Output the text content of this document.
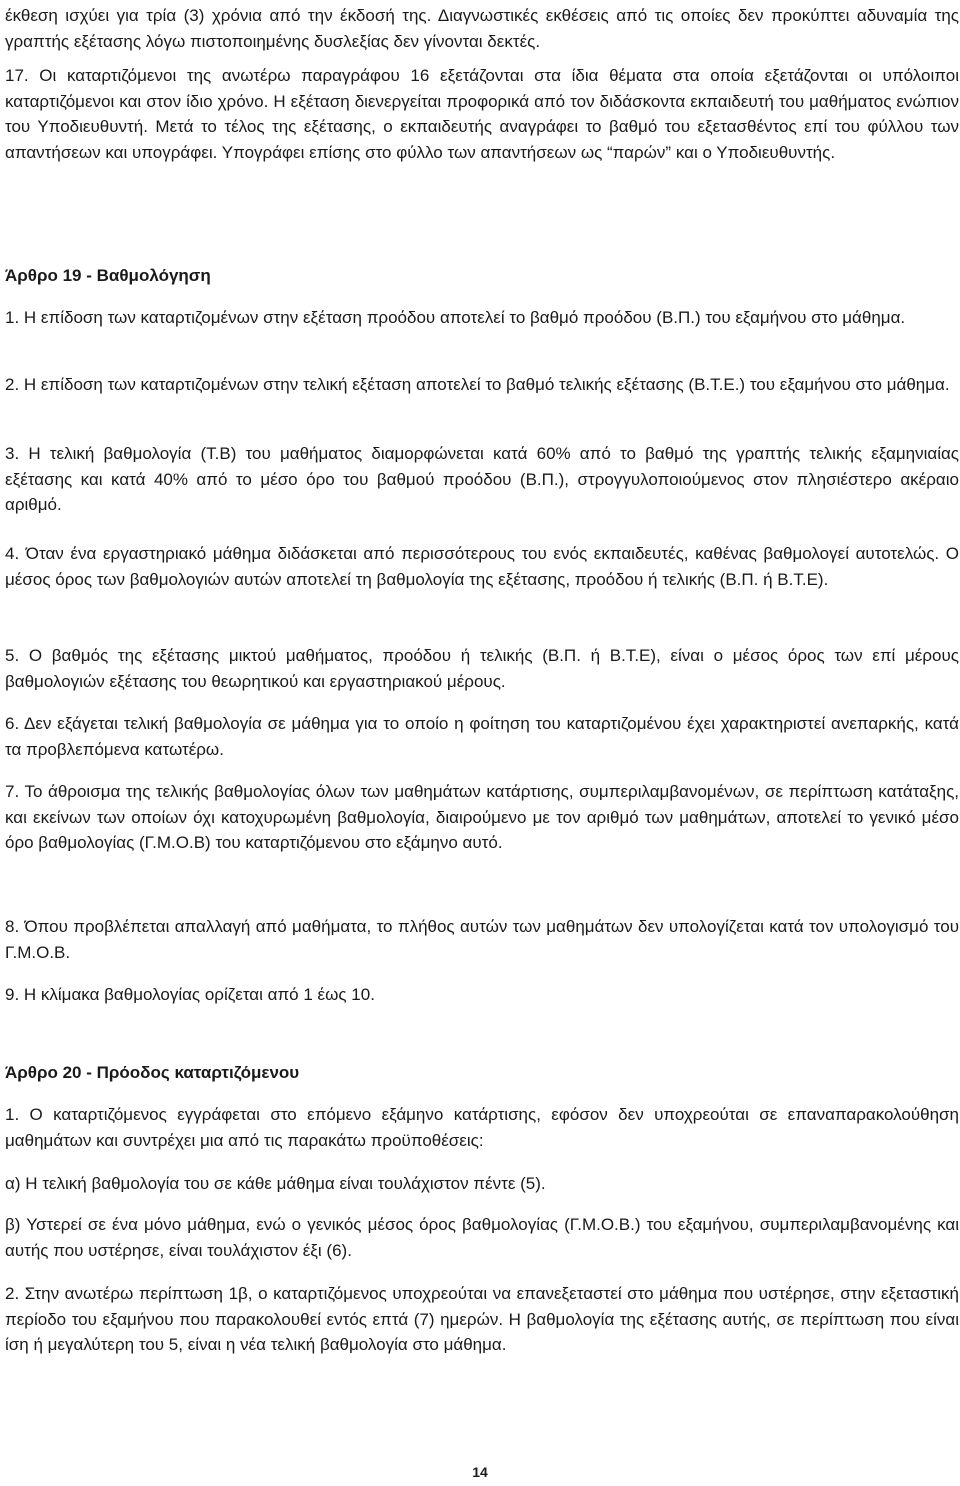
έκθεση ισχύει για τρία (3) χρόνια από την έκδοσή της. Διαγνωστικές εκθέσεις από τις οποίες δεν προκύπτει αδυναμία της γραπτής εξέτασης λόγω πιστοποιημένης δυσλεξίας δεν γίνονται δεκτές.

17. Οι καταρτιζόμενοι της ανωτέρω παραγράφου 16 εξετάζονται στα ίδια θέματα στα οποία εξετάζονται οι υπόλοιποι καταρτιζόμενοι και στον ίδιο χρόνο. Η εξέταση διενεργείται προφορικά από τον διδάσκοντα εκπαιδευτή του μαθήματος ενώπιον του Υποδιευθυντή. Μετά το τέλος της εξέτασης, ο εκπαιδευτής αναγράφει το βαθμό του εξετασθέντος επί του φύλλου των απαντήσεων και υπογράφει. Υπογράφει επίσης στο φύλλο των απαντήσεων ως “παρών” και ο Υποδιευθυντής.

Άρθρο 19 - Βαθμολόγηση

1. Η επίδοση των καταρτιζομένων στην εξέταση προόδου αποτελεί το βαθμό προόδου (Β.Π.) του εξαμήνου στο μάθημα.

2. Η επίδοση των καταρτιζομένων στην τελική εξέταση αποτελεί το βαθμό τελικής εξέτασης (Β.Τ.Ε.) του εξαμήνου στο μάθημα.

3. Η τελική βαθμολογία (Τ.Β) του μαθήματος διαμορφώνεται κατά 60% από το βαθμό της γραπτής τελικής εξαμηνιαίας εξέτασης και κατά 40% από το μέσο όρο του βαθμού προόδου (Β.Π.), στρογγυλοποιούμενος στον πλησιέστερο ακέραιο αριθμό.

4. Όταν ένα εργαστηριακό μάθημα διδάσκεται από περισσότερους του ενός εκπαιδευτές, καθένας βαθμολογεί αυτοτελώς. Ο μέσος όρος των βαθμολογιών αυτών αποτελεί τη βαθμολογία της εξέτασης, προόδου ή τελικής (Β.Π. ή Β.Τ.Ε).

5. Ο βαθμός της εξέτασης μικτού μαθήματος, προόδου ή τελικής (Β.Π. ή Β.Τ.Ε), είναι ο μέσος όρος των επί μέρους βαθμολογιών εξέτασης του θεωρητικού και εργαστηριακού μέρους.

6. Δεν εξάγεται τελική βαθμολογία σε μάθημα για το οποίο η φοίτηση του καταρτιζομένου έχει χαρακτηριστεί ανεπαρκής, κατά τα προβλεπόμενα κατωτέρω.

7. Το άθροισμα της τελικής βαθμολογίας όλων των μαθημάτων κατάρτισης, συμπεριλαμβανομένων, σε περίπτωση κατάταξης, και εκείνων των οποίων όχι κατοχυρωμένη βαθμολογία, διαιρούμενο με τον αριθμό των μαθημάτων, αποτελεί το γενικό μέσο όρο βαθμολογίας (Γ.Μ.Ο.Β) του καταρτιζόμενου στο εξάμηνο αυτό.

8. Όπου προβλέπεται απαλλαγή από μαθήματα, το πλήθος αυτών των μαθημάτων δεν υπολογίζεται κατά τον υπολογισμό του Γ.Μ.Ο.Β.

9. Η κλίμακα βαθμολογίας ορίζεται από 1 έως 10.

Άρθρο 20 - Πρόοδος καταρτιζόμενου

1. Ο καταρτιζόμενος εγγράφεται στο επόμενο εξάμηνο κατάρτισης, εφόσον δεν υποχρεούται σε επαναπαρακολούθηση μαθημάτων και συντρέχει μια από τις παρακάτω προϋποθέσεις:

α) Η τελική βαθμολογία του σε κάθε μάθημα είναι τουλάχιστον πέντε (5).

β) Υστερεί σε ένα μόνο μάθημα, ενώ ο γενικός μέσος όρος βαθμολογίας (Γ.Μ.Ο.Β.) του εξαμήνου, συμπεριλαμβανομένης και αυτής που υστέρησε, είναι τουλάχιστον έξι (6).

2. Στην ανωτέρω περίπτωση 1β, ο καταρτιζόμενος υποχρεούται να επανεξεταστεί στο μάθημα που υστέρησε, στην εξεταστική περίοδο του εξαμήνου που παρακολουθεί εντός επτά (7) ημερών. Η βαθμολογία της εξέτασης αυτής, σε περίπτωση που είναι ίση ή μεγαλύτερη του 5, είναι η νέα τελική βαθμολογία στο μάθημα.

14
